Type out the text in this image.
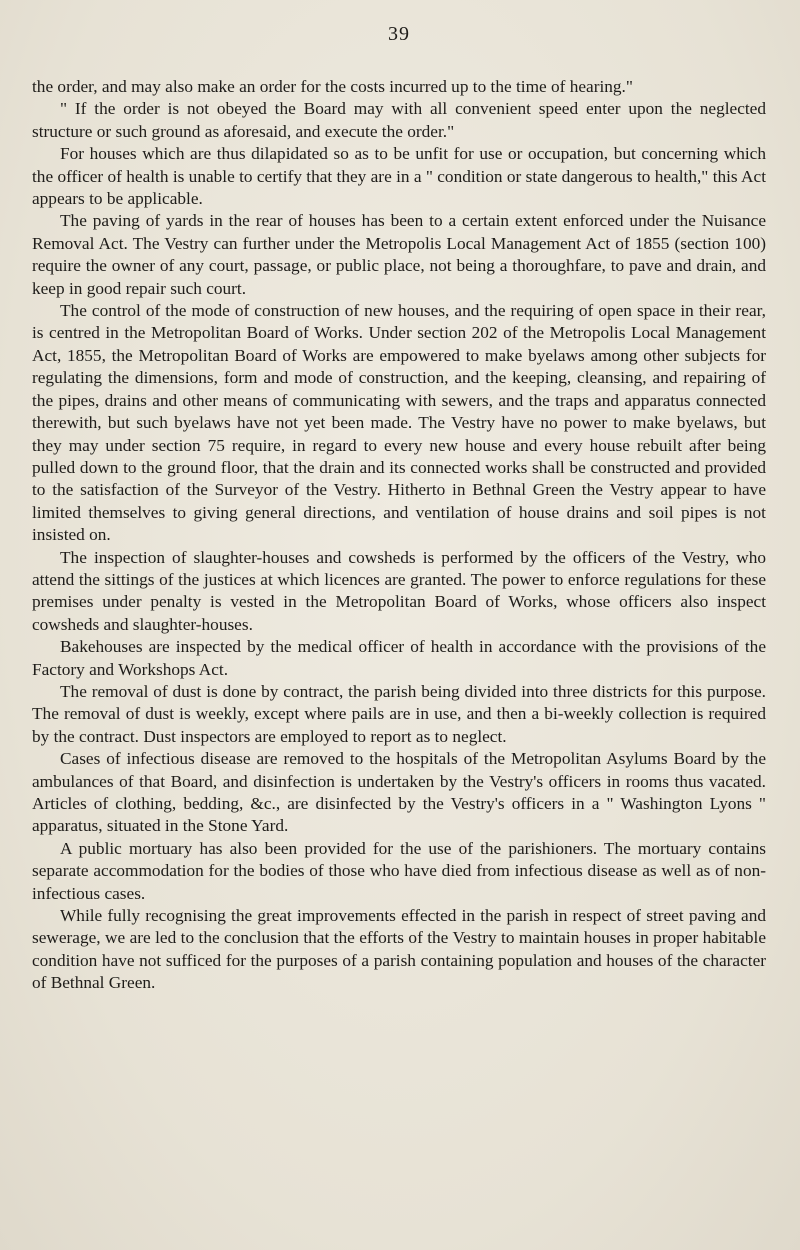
39

the order, and may also make an order for the costs incurred up to the time of hearing."

" If the order is not obeyed the Board may with all convenient speed enter upon the neglected structure or such ground as aforesaid, and execute the order."

For houses which are thus dilapidated so as to be unfit for use or occupation, but concerning which the officer of health is unable to certify that they are in a " condition or state dangerous to health," this Act appears to be applicable.

The paving of yards in the rear of houses has been to a certain extent enforced under the Nuisance Removal Act. The Vestry can further under the Metropolis Local Management Act of 1855 (section 100) require the owner of any court, passage, or public place, not being a thoroughfare, to pave and drain, and keep in good repair such court.

The control of the mode of construction of new houses, and the requiring of open space in their rear, is centred in the Metropolitan Board of Works. Under section 202 of the Metropolis Local Management Act, 1855, the Metropolitan Board of Works are empowered to make byelaws among other subjects for regulating the dimensions, form and mode of construction, and the keeping, cleansing, and repairing of the pipes, drains and other means of communicating with sewers, and the traps and apparatus connected therewith, but such byelaws have not yet been made. The Vestry have no power to make byelaws, but they may under section 75 require, in regard to every new house and every house rebuilt after being pulled down to the ground floor, that the drain and its connected works shall be constructed and provided to the satisfaction of the Surveyor of the Vestry. Hitherto in Bethnal Green the Vestry appear to have limited themselves to giving general directions, and ventilation of house drains and soil pipes is not insisted on.

The inspection of slaughter-houses and cowsheds is performed by the officers of the Vestry, who attend the sittings of the justices at which licences are granted. The power to enforce regulations for these premises under penalty is vested in the Metropolitan Board of Works, whose officers also inspect cowsheds and slaughter-houses.

Bakehouses are inspected by the medical officer of health in accordance with the provisions of the Factory and Workshops Act.

The removal of dust is done by contract, the parish being divided into three districts for this purpose. The removal of dust is weekly, except where pails are in use, and then a bi-weekly collection is required by the contract. Dust inspectors are employed to report as to neglect.

Cases of infectious disease are removed to the hospitals of the Metropolitan Asylums Board by the ambulances of that Board, and disinfection is undertaken by the Vestry's officers in rooms thus vacated. Articles of clothing, bedding, &c., are disinfected by the Vestry's officers in a " Washington Lyons " apparatus, situated in the Stone Yard.

A public mortuary has also been provided for the use of the parishioners. The mortuary contains separate accommodation for the bodies of those who have died from infectious disease as well as of non-infectious cases.

While fully recognising the great improvements effected in the parish in respect of street paving and sewerage, we are led to the conclusion that the efforts of the Vestry to maintain houses in proper habitable condition have not sufficed for the purposes of a parish containing population and houses of the character of Bethnal Green.
